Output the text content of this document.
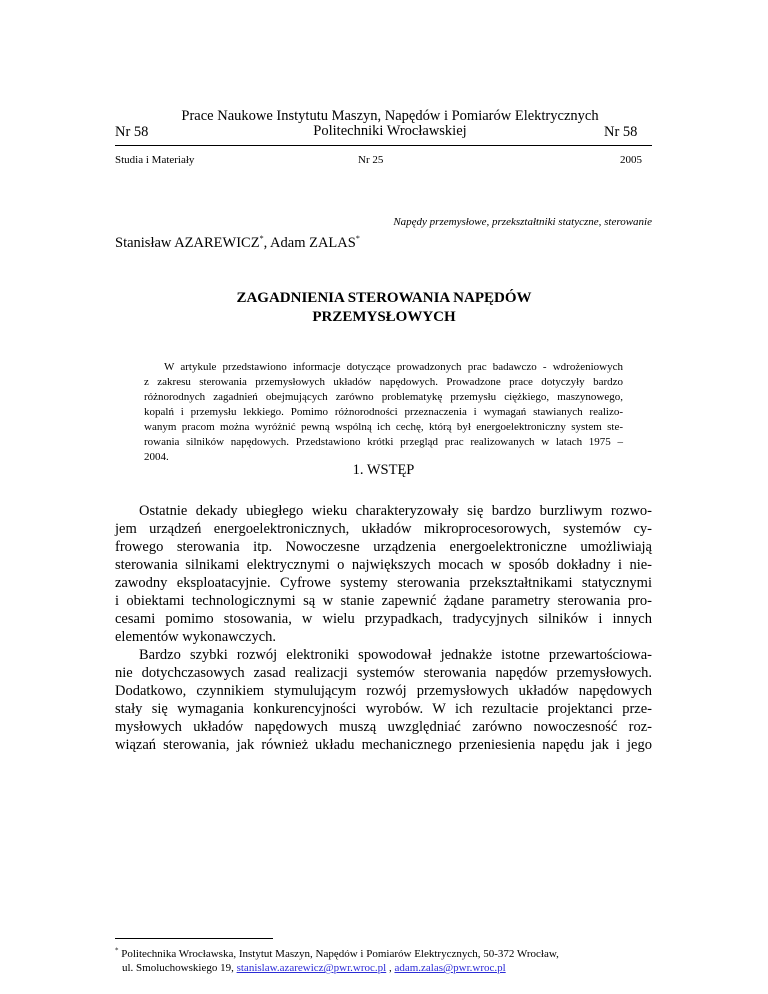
Prace Naukowe Instytutu Maszyn, Napędów i Pomiarów Elektrycznych
Politechniki Wrocławskiej
Nr 58	Nr 58
Studia i Materiały	Nr 25	2005
Napędy przemysłowe, przekształtniki statyczne, sterowanie
Stanisław AZAREWICZ*, Adam ZALAS*
ZAGADNIENIA STEROWANIA NAPĘDÓW
PRZEMYSŁOWYCH
W artykule przedstawiono informacje dotyczące prowadzonych prac badawczo - wdrożeniowych
z zakresu sterowania przemysłowych układów napędowych. Prowadzone prace dotyczyły bardzo
różnorodnych zagadnień obejmujących zarówno problematykę przemysłu ciężkiego, maszynowego,
kopalń i przemysłu lekkiego. Pomimo różnorodności przeznaczenia i wymagań stawianych realizo-
wanym pracom można wyróżnić pewną wspólną ich cechę, którą był energoelektroniczny system ste-
rowania silników napędowych. Przedstawiono krótki przegląd prac realizowanych w latach 1975 –
2004.
1. WSTĘP
Ostatnie dekady ubiegłego wieku charakteryzowały się bardzo burzliwym rozwo-
jem urządzeń energoelektronicznych, układów mikroprocesorowych, systemów cy-
frowego sterowania itp. Nowoczesne urządzenia energoelektroniczne umożliwiają
sterowania silnikami elektrycznymi o największych mocach w sposób dokładny i nie-
zawodny eksploatacyjnie. Cyfrowe systemy sterowania przekształtnikami statycznymi
i obiektami technologicznymi są w stanie zapewnić żądane parametry sterowania pro-
cesami pomimo stosowania, w wielu przypadkach, tradycyjnych silników i innych
elementów wykonawczych.
Bardzo szybki rozwój elektroniki spowodował jednakże istotne przewartościowa-
nie dotychczasowych zasad realizacji systemów sterowania napędów przemysłowych.
Dodatkowo, czynnikiem stymulującym rozwój przemysłowych układów napędowych
stały się wymagania konkurencyjności wyrobów. W ich rezultacie projektanci prze-
mysłowych układów napędowych muszą uwzględniać zarówno nowoczesność roz-
wiązań sterowania, jak również układu mechanicznego przeniesienia napędu jak i jego
* Politechnika Wrocławska, Instytut Maszyn, Napędów i Pomiarów Elektrycznych, 50-372 Wrocław,
ul. Smoluchowskiego 19, stanislaw.azarewicz@pwr.wroc.pl , adam.zalas@pwr.wroc.pl
